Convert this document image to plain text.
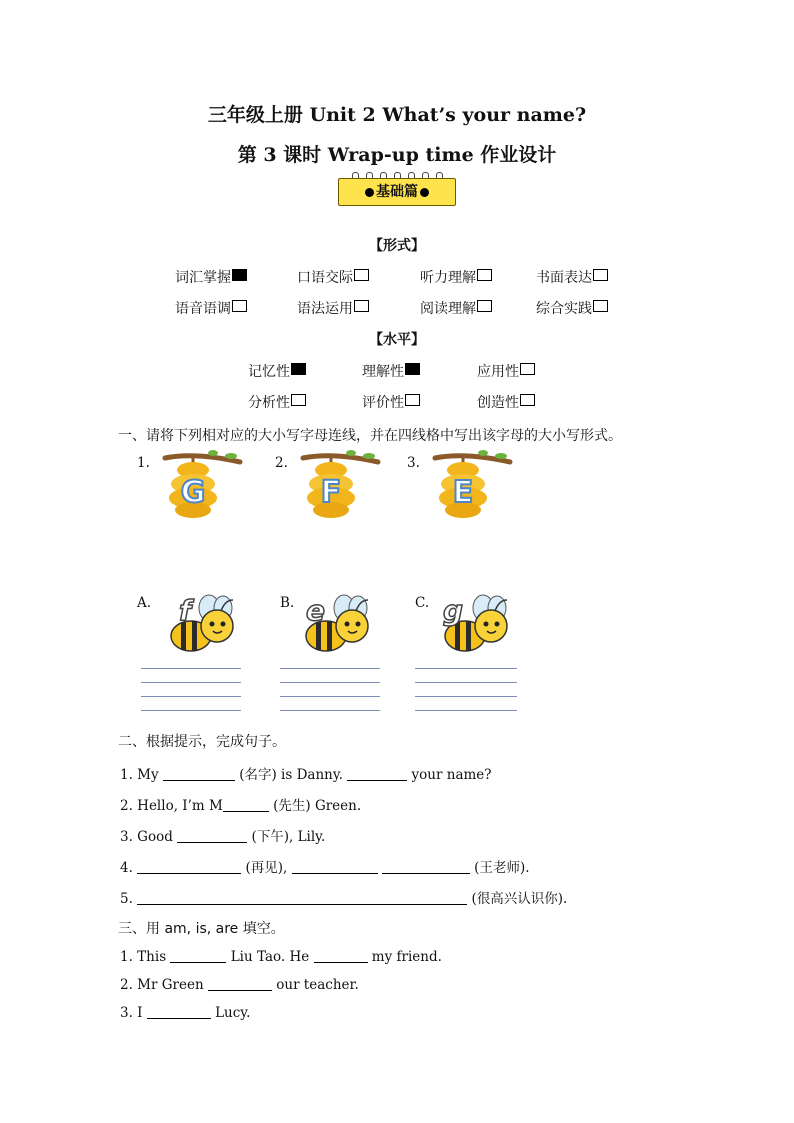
三年级上册 Unit 2 What’s your name?
第 3 课时 Wrap-up time 作业设计
基础篇
【形式】
词汇掌握	口语交际	听力理解	书面表达
语音语调	语法运用	阅读理解	综合实践
【水平】
记忆性	理解性	应用性
分析性	评价性	创造性
一、请将下列相对应的大小写字母连线，并在四线格中写出该字母的大小写形式。
1.
G
2.
F
3.
E
A. f	B. e	C. g
二、根据提示，完成句子。
1. My	(名字) is Danny.	your name?
2. Hello, I’m M	(先生) Green.
3. Good	(下午), Lily.
4.	(再见),	(王老师).
5.	(很高兴认识你).
三、用 am, is, are 填空。
1. This	Liu Tao. He	my friend.
2. Mr Green	our teacher.
3. I	Lucy.
